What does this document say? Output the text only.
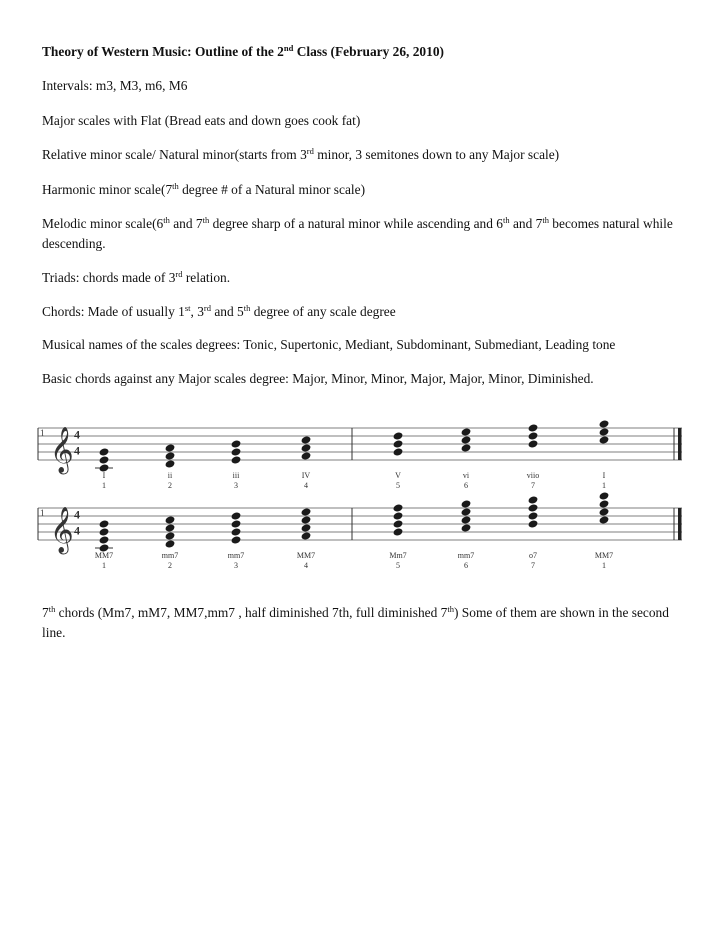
Theory of Western Music: Outline of the 2nd Class (February 26, 2010)

Intervals: m3, M3, m6, M6

Major scales with Flat (Bread eats and down goes cook fat)

Relative minor scale/ Natural minor(starts from 3rd minor, 3 semitones down to any Major scale)

Harmonic minor scale(7th degree # of a Natural minor scale)

Melodic minor scale(6th and 7th degree sharp of a natural minor while ascending and 6th and 7th becomes natural while descending.

Triads: chords made of 3rd relation.

Chords: Made of usually 1st, 3rd and 5th degree of any scale degree

Musical names of the scales degrees: Tonic, Supertonic, Mediant, Subdominant, Submediant, Leading tone

Basic chords against any Major scales degree: Major, Minor, Minor, Major, Major, Minor, Diminished.

1 𝄞 4
4
I	ii	iii	IV	V	vi	viio	I
1	2	3	4	5	6	7	1
1 𝄞 4
4
MM7	mm7	mm7	MM7	Mm7	mm7	o7	MM7
1	2	3	4	5	6	7	1

7th chords (Mm7, mM7, MM7,mm7 , half diminished 7th, full diminished 7th) Some of them are shown in the second line.
